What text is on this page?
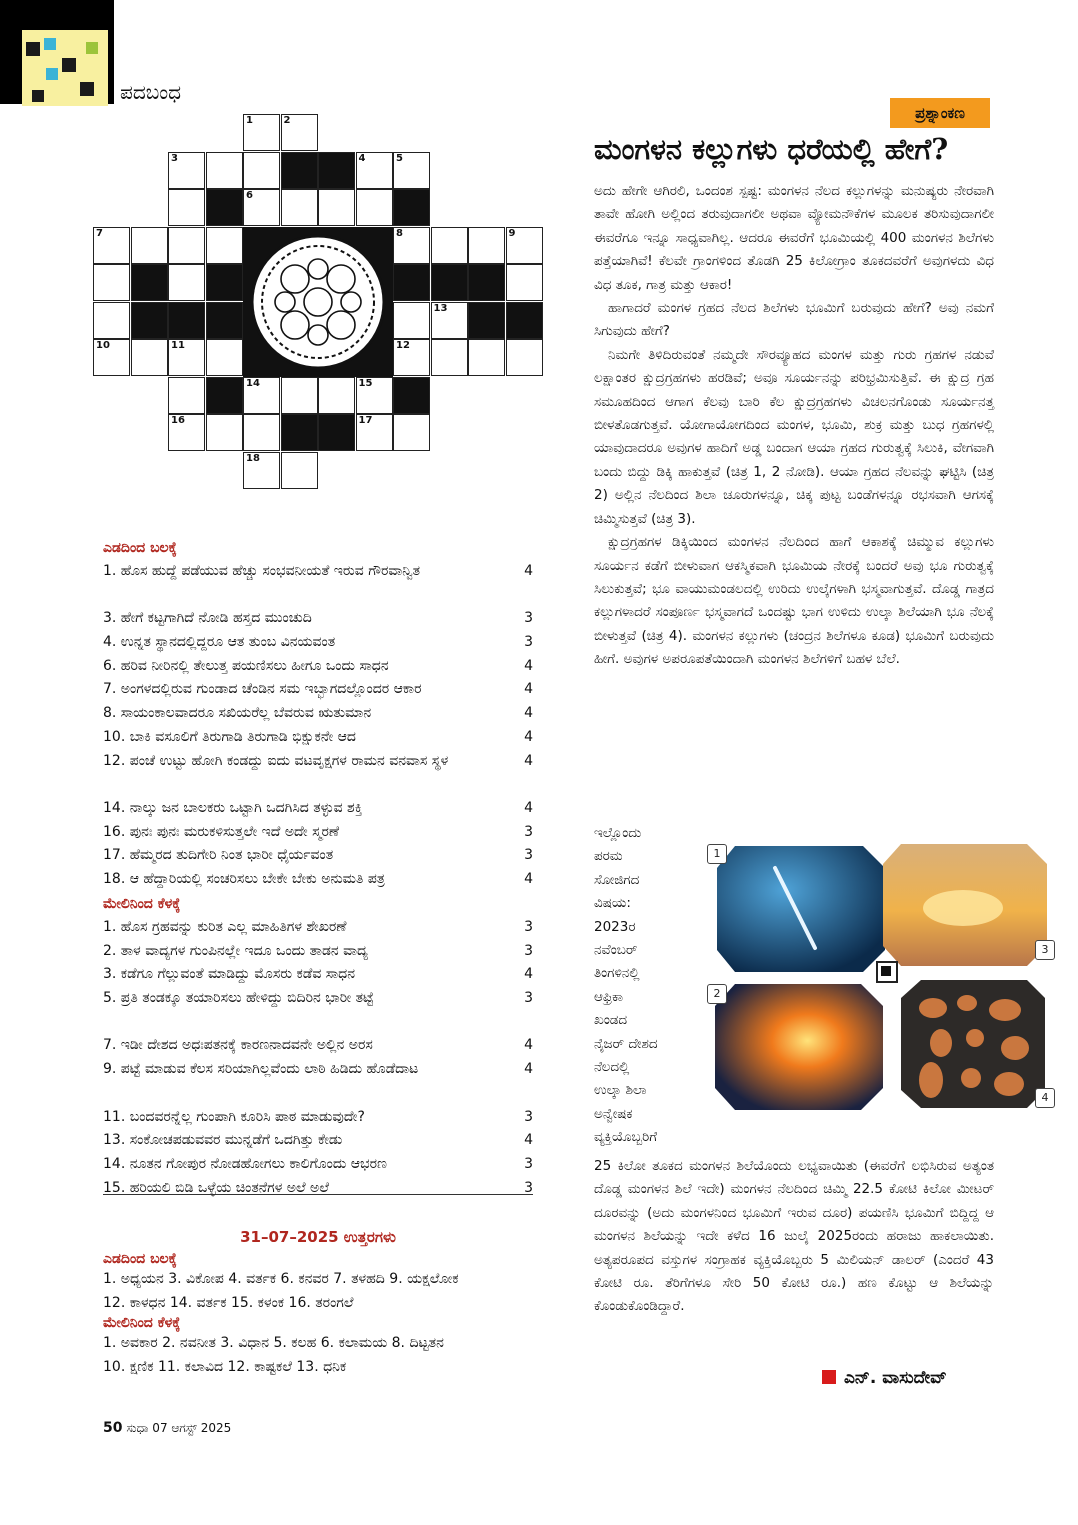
ಪದಬಂಧ
1	2
3	4	5
6
7	8	9
13
10	11	12
14	15
16	17
18
ಎಡದಿಂದ ಬಲಕ್ಕೆ
1. ಹೊಸ ಹುದ್ದೆ ಪಡೆಯುವ ಹೆಚ್ಚು ಸಂಭವನೀಯತೆ ಇರುವ ಗೌರವಾನ್ವಿತ	4
3. ಹೇಗೆ ಕಟ್ಟಗಾಗಿದೆ ನೋಡಿ ಹಸ್ತದ ಮುಂಚುದಿ	3
4. ಉನ್ನತ ಸ್ಥಾನದಲ್ಲಿದ್ದರೂ ಆತ ತುಂಬ ವಿನಯವಂತ	3
6. ಹರಿವ ನೀರಿನಲ್ಲಿ ತೇಲುತ್ತ ಪಯಣಿಸಲು ಹೀಗೂ ಒಂದು ಸಾಧನ	4
7. ಅಂಗಳದಲ್ಲಿರುವ ಗುಂಡಾದ ಚೆಂಡಿನ ಸಮ ಇಬ್ಭಾಗದಲ್ಲೊಂದರ ಆಕಾರ	4
8. ಸಾಯಂಕಾಲವಾದರೂ ಸಖಿಯರೆಲ್ಲ ಬೆವರುವ ಋತುಮಾನ	4
10. ಬಾಕಿ ವಸೂಲಿಗೆ ತಿರುಗಾಡಿ ತಿರುಗಾಡಿ ಭಿಕ್ಷುಕನೇ ಆದ	4
12. ಪಂಚೆ ಉಟ್ಟು ಹೋಗಿ ಕಂಡದ್ದು ಐದು ವಟವೃಕ್ಷಗಳ ರಾಮನ ವನವಾಸ ಸ್ಥಳ	4
14. ನಾಲ್ಕು ಜನ ಬಾಲಕರು ಒಟ್ಟಾಗಿ ಒದಗಿಸಿದ ತಳ್ಳುವ ಶಕ್ತಿ	4
16. ಪುನಃ ಪುನಃ ಮರುಕಳಿಸುತ್ತಲೇ ಇದೆ ಅದೇ ಸ್ಮರಣೆ	3
17. ಹೆಮ್ಮರದ ತುದಿಗೇರಿ ನಿಂತ ಭಾರೀ ಧೈರ್ಯವಂತ	3
18. ಆ ಹೆದ್ದಾರಿಯಲ್ಲಿ ಸಂಚರಿಸಲು ಬೇಕೇ ಬೇಕು ಅನುಮತಿ ಪತ್ರ	4
ಮೇಲಿನಿಂದ ಕೆಳಕ್ಕೆ
1. ಹೊಸ ಗ್ರಹವನ್ನು ಕುರಿತ ಎಲ್ಲ ಮಾಹಿತಿಗಳ ಶೇಖರಣೆ	3
2. ತಾಳ ವಾದ್ಯಗಳ ಗುಂಪಿನಲ್ಲೇ ಇದೂ ಒಂದು ತಾಡನ ವಾದ್ಯ	3
3. ಕಡೆಗೂ ಗೆಲ್ಲುವಂತೆ ಮಾಡಿದ್ದು ಮೊಸರು ಕಡೆವ ಸಾಧನ	4
5. ಪ್ರತಿ ತಂಡಕ್ಕೂ ತಯಾರಿಸಲು ಹೇಳಿದ್ದು ಬಿದಿರಿನ ಭಾರೀ ತಟ್ಟೆ	3
7. ಇಡೀ ದೇಶದ ಅಧಃಪತನಕ್ಕೆ ಕಾರಣನಾದವನೇ ಅಲ್ಲಿನ ಅರಸ	4
9. ಪಟ್ಟೆ ಮಾಡುವ ಕೆಲಸ ಸರಿಯಾಗಿಲ್ಲವೆಂದು ಲಾಠಿ ಹಿಡಿದು ಹೊಡೆದಾಟ	4
11. ಬಂದವರನ್ನೆಲ್ಲ ಗುಂಪಾಗಿ ಕೂರಿಸಿ ಪಾಠ ಮಾಡುವುದೇ?	3
13. ಸಂಕೋಚಪಡುವವರ ಮುನ್ನಡೆಗೆ ಒದಗಿತ್ತು ಕೇಡು	4
14. ನೂತನ ಗೋಪುರ ನೋಡಹೋಗಲು ಕಾಲಿಗೊಂದು ಆಭರಣ	3
15. ಹರಿಯಲಿ ಬಿಡಿ ಒಳ್ಳೆಯ ಚಿಂತನೆಗಳ ಅಲೆ ಅಲೆ	3
31–07–2025 ಉತ್ತರಗಳು
ಎಡದಿಂದ ಬಲಕ್ಕೆ

1. ಅಧ್ಯಯನ 3. ವಿಕೋಪ 4. ವರ್ತಕ 6. ಕನವರ 7. ತಳಹದಿ 9. ಯಕ್ಷಲೋಕ

12. ಕಾಳಧನ 14. ವರ್ತಕ 15. ಕಳಂಕ 16. ತರಂಗಲೆ

ಮೇಲಿನಿಂದ ಕೆಳಕ್ಕೆ

1. ಅವಕಾರ 2. ನವನೀತ 3. ವಿಧಾನ 5. ಕಲಹ 6. ಕಲಾಮಯ 8. ದಿಟ್ಟತನ

10. ಕ್ಷಣಿಕ 11. ಕಲಾವಿದ 12. ಕಾಷ್ಟಕಲೆ 13. ಧನಿಕ

50 ಸುಧಾ 07 ಆಗಸ್ಟ್ 2025
ಪ್ರಶ್ನಾಂಕಣ
ಮಂಗಳನ ಕಲ್ಲುಗಳು ಧರೆಯಲ್ಲಿ ಹೇಗೆ?

ಅದು ಹೇಗೇ ಆಗಿರಲಿ, ಒಂದಂಶ ಸ್ಪಷ್ಟ: ಮಂಗಳನ ನೆಲದ ಕಲ್ಲುಗಳನ್ನು ಮನುಷ್ಯರು ನೇರವಾಗಿ ತಾವೇ ಹೋಗಿ ಅಲ್ಲಿಂದ ತರುವುದಾಗಲೀ ಅಥವಾ ವ್ಯೋಮನೌಕೆಗಳ ಮೂಲಕ ತರಿಸುವುದಾಗಲೀ ಈವರೆಗೂ ಇನ್ನೂ ಸಾಧ್ಯವಾಗಿಲ್ಲ. ಆದರೂ ಈವರೆಗೆ ಭೂಮಿಯಲ್ಲಿ 400 ಮಂಗಳನ ಶಿಲೆಗಳು ಪತ್ತೆಯಾಗಿವೆ! ಕೆಲವೇ ಗ್ರಾಂಗಳಿಂದ ತೊಡಗಿ 25 ಕಿಲೋಗ್ರಾಂ ತೂಕದವರೆಗೆ ಅವುಗಳದು ವಿಧ ವಿಧ ತೂಕ, ಗಾತ್ರ ಮತ್ತು ಆಕಾರ!

ಹಾಗಾದರೆ ಮಂಗಳ ಗ್ರಹದ ನೆಲದ ಶಿಲೆಗಳು ಭೂಮಿಗೆ ಬರುವುದು ಹೇಗೆ? ಅವು ನಮಗೆ ಸಿಗುವುದು ಹೇಗೆ?

ನಿಮಗೇ ತಿಳಿದಿರುವಂತೆ ನಮ್ಮದೇ ಸೌರವ್ಯೂಹದ ಮಂಗಳ ಮತ್ತು ಗುರು ಗ್ರಹಗಳ ನಡುವೆ ಲಕ್ಷಾಂತರ ಕ್ಷುದ್ರಗ್ರಹಗಳು ಹರಡಿವೆ; ಅವೂ ಸೂರ್ಯನನ್ನು ಪರಿಭ್ರಮಿಸುತ್ತಿವೆ. ಈ ಕ್ಷುದ್ರ ಗ್ರಹ ಸಮೂಹದಿಂದ ಆಗಾಗ ಕೆಲವು ಬಾರಿ ಕೆಲ ಕ್ಷುದ್ರಗ್ರಹಗಳು ವಿಚಲನಗೊಂಡು ಸೂರ್ಯನತ್ತ ಬೀಳತೊಡಗುತ್ತವೆ. ಯೋಗಾಯೋಗದಿಂದ ಮಂಗಳ, ಭೂಮಿ, ಶುಕ್ರ ಮತ್ತು ಬುಧ ಗ್ರಹಗಳಲ್ಲಿ ಯಾವುದಾದರೂ ಅವುಗಳ ಹಾದಿಗೆ ಅಡ್ಡ ಬಂದಾಗ ಆಯಾ ಗ್ರಹದ ಗುರುತ್ವಕ್ಕೆ ಸಿಲುಕಿ, ವೇಗವಾಗಿ ಬಂದು ಬಿದ್ದು ಡಿಕ್ಕಿ ಹಾಕುತ್ತವೆ (ಚಿತ್ರ 1, 2 ನೋಡಿ). ಆಯಾ ಗ್ರಹದ ನೆಲವನ್ನು ಘಟ್ಟಿಸಿ (ಚಿತ್ರ 2) ಅಲ್ಲಿನ ನೆಲದಿಂದ ಶಿಲಾ ಚೂರುಗಳನ್ನೂ, ಚಿಕ್ಕ ಪುಟ್ಟ ಬಂಡೆಗಳನ್ನೂ ರಭಸವಾಗಿ ಆಗಸಕ್ಕೆ ಚಿಮ್ಮಿಸುತ್ತವೆ (ಚಿತ್ರ 3).

ಕ್ಷುದ್ರಗ್ರಹಗಳ ಡಿಕ್ಕಿಯಿಂದ ಮಂಗಳನ ನೆಲದಿಂದ ಹಾಗೆ ಆಕಾಶಕ್ಕೆ ಚಿಮ್ಮುವ ಕಲ್ಲುಗಳು ಸೂರ್ಯನ ಕಡೆಗೆ ಬೀಳುವಾಗ ಆಕಸ್ಮಿಕವಾಗಿ ಭೂಮಿಯ ನೇರಕ್ಕೆ ಬಂದರೆ ಅವು ಭೂ ಗುರುತ್ವಕ್ಕೆ ಸಿಲುಕುತ್ತವೆ; ಭೂ ವಾಯುಮಂಡಲದಲ್ಲಿ ಉರಿದು ಉಲ್ಕೆಗಳಾಗಿ ಭಸ್ಮವಾಗುತ್ತವೆ. ದೊಡ್ಡ ಗಾತ್ರದ ಕಲ್ಲುಗಳಾದರೆ ಸಂಪೂರ್ಣ ಭಸ್ಮವಾಗದೆ ಒಂದಷ್ಟು ಭಾಗ ಉಳಿದು ಉಲ್ಕಾ ಶಿಲೆಯಾಗಿ ಭೂ ನೆಲಕ್ಕೆ ಬೀಳುತ್ತವೆ (ಚಿತ್ರ 4). ಮಂಗಳನ ಕಲ್ಲುಗಳು (ಚಂದ್ರನ ಶಿಲೆಗಳೂ ಕೂಡ) ಭೂಮಿಗೆ ಬರುವುದು ಹೀಗೆ. ಅವುಗಳ ಅಪರೂಪತೆಯಿಂದಾಗಿ ಮಂಗಳನ ಶಿಲೆಗಳಿಗೆ ಬಹಳ ಬೆಲೆ.

ಇಲ್ಲೊಂದು
ಪರಮ
ಸೋಜಿಗದ
ವಿಷಯ:
2023ರ
ನವೆಂಬರ್
ತಿಂಗಳಿನಲ್ಲಿ
ಆಫ್ರಿಕಾ
ಖಂಡದ
ನೈಜರ್ ದೇಶದ
ನೆಲದಲ್ಲಿ
ಉಲ್ಕಾ ಶಿಲಾ
ಅನ್ವೇಷಕ
ವ್ಯಕ್ತಿಯೊಬ್ಬರಿಗೆ

25 ಕಿಲೋ ತೂಕದ ಮಂಗಳನ ಶಿಲೆಯೊಂದು ಲಭ್ಯವಾಯಿತು (ಈವರೆಗೆ ಲಭಿಸಿರುವ ಅತ್ಯಂತ ದೊಡ್ಡ ಮಂಗಳನ ಶಿಲೆ ಇದೇ) ಮಂಗಳನ ನೆಲದಿಂದ ಚಿಮ್ಮಿ 22.5 ಕೋಟಿ ಕಿಲೋ ಮೀಟರ್ ದೂರವನ್ನು (ಅದು ಮಂಗಳನಿಂದ ಭೂಮಿಗೆ ಇರುವ ದೂರ) ಪಯಣಿಸಿ ಭೂಮಿಗೆ ಬಿದ್ದಿದ್ದ ಆ ಮಂಗಳನ ಶಿಲೆಯನ್ನು ಇದೇ ಕಳೆದ 16 ಜುಲೈ 2025ರಂದು ಹರಾಜು ಹಾಕಲಾಯಿತು. ಅತ್ಯಪರೂಪದ ವಸ್ತುಗಳ ಸಂಗ್ರಾಹಕ ವ್ಯಕ್ತಿಯೊಬ್ಬರು 5 ಮಿಲಿಯನ್ ಡಾಲರ್ (ಎಂದರೆ 43 ಕೋಟಿ ರೂ. ತೆರಿಗೆಗಳೂ ಸೇರಿ 50 ಕೋಟಿ ರೂ.) ಹಣ ಕೊಟ್ಟು ಆ ಶಿಲೆಯನ್ನು ಕೊಂಡುಕೊಂಡಿದ್ದಾರೆ.

ಎನ್. ವಾಸುದೇವ್
1
2
3
4
